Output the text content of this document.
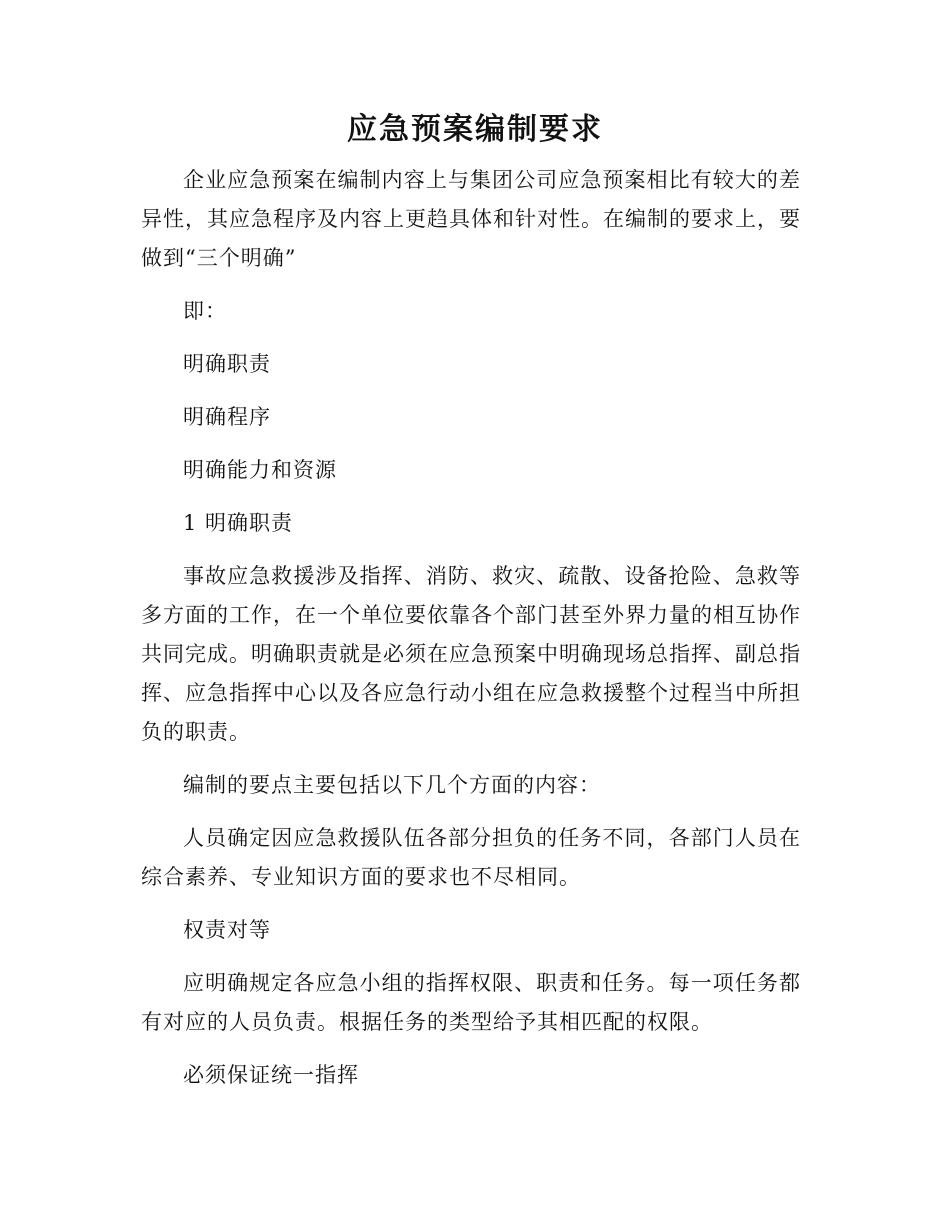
应急预案编制要求

企业应急预案在编制内容上与集团公司应急预案相比有较大的差异性，其应急程序及内容上更趋具体和针对性。在编制的要求上，要做到“三个明确”

即：

明确职责

明确程序

明确能力和资源

1 明确职责

事故应急救援涉及指挥、消防、救灾、疏散、设备抢险、急救等多方面的工作，在一个单位要依靠各个部门甚至外界力量的相互协作共同完成。明确职责就是必须在应急预案中明确现场总指挥、副总指挥、应急指挥中心以及各应急行动小组在应急救援整个过程当中所担负的职责。

编制的要点主要包括以下几个方面的内容：

人员确定因应急救援队伍各部分担负的任务不同，各部门人员在综合素养、专业知识方面的要求也不尽相同。

权责对等

应明确规定各应急小组的指挥权限、职责和任务。每一项任务都有对应的人员负责。根据任务的类型给予其相匹配的权限。

必须保证统一指挥
